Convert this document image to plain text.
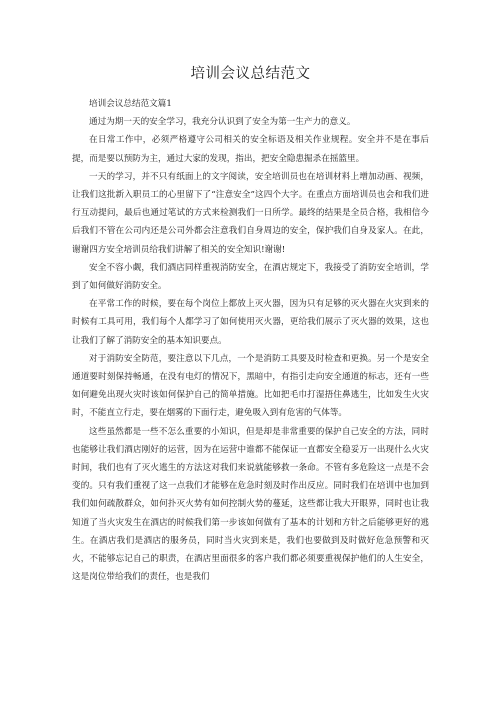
培训会议总结范文

培训会议总结范文篇1

通过为期一天的安全学习，我充分认识到了安全为第一生产力的意义。

在日常工作中，必须严格遵守公司相关的安全标语及相关作业规程。安全并不是在事后提，而是要以预防为主，通过大家的发现，指出，把安全隐患掘杀在摇篮里。

一天的学习，并不只有纸面上的文字阅读，安全培训员也在培训材料上增加动画、视频，让我们这批新入职员工的心里留下了“注意安全”这四个大字。在重点方面培训员也会和我们进行互动提问，最后也通过笔试的方式来检测我们一日所学。最终的结果是全员合格，我相信今后我们不管在公司内还是公司外都会注意我们自身周边的安全，保护我们自身及家人。在此，谢谢四方安全培训员给我们讲解了相关的安全知识!谢谢!

安全不容小觑，我们酒店同样重视消防安全，在酒店规定下，我接受了消防安全培训，学到了如何做好消防安全。

在平常工作的时候，要在每个岗位上都放上灭火器，因为只有足够的灭火器在火灾到来的时候有工具可用，我们每个人都学习了如何使用灭火器，更给我们展示了灭火器的效果，这也让我们了解了消防安全的基本知识要点。

对于消防安全防范，要注意以下几点，一个是消防工具要及时检查和更换。另一个是安全通道要时刻保持畅通，在没有电灯的情况下，黑暗中，有指引走向安全通道的标志，还有一些如何避免出现火灾时该如何保护自己的简单措施。比如把毛巾打湿捂住鼻逃生，比如发生火灾时，不能直立行走，要在烟雾的下面行走，避免吸入到有危害的气体等。

这些虽然都是一些不怎么重要的小知识，但是却是非常重要的保护自己安全的方法，同时也能够让我们酒店刚好的运营，因为在运营中谁都不能保证一直都安全稳妥万一出现什么火灾时间，我们也有了灭火逃生的方法这对我们来说就能够救一条命。不管有多危险这一点是不会变的。只有我们重视了这一点我们才能够在危急时刻及时作出反应。同时我们在培训中也加到我们如何疏散群众，如何扑灭火势有如何控制火势的蔓延，这些都让我大开眼界，同时也让我知道了当火灾发生在酒店的时候我们第一步该如何做有了基本的计划和方针之后能够更好的逃生。在酒店我们是酒店的服务员，同时当火灾到来是，我们也要做到及时做好危急预警和灭火，不能够忘记自己的职责，在酒店里面很多的客户我们都必须要重视保护他们的人生安全，这是岗位带给我们的责任，也是我们
